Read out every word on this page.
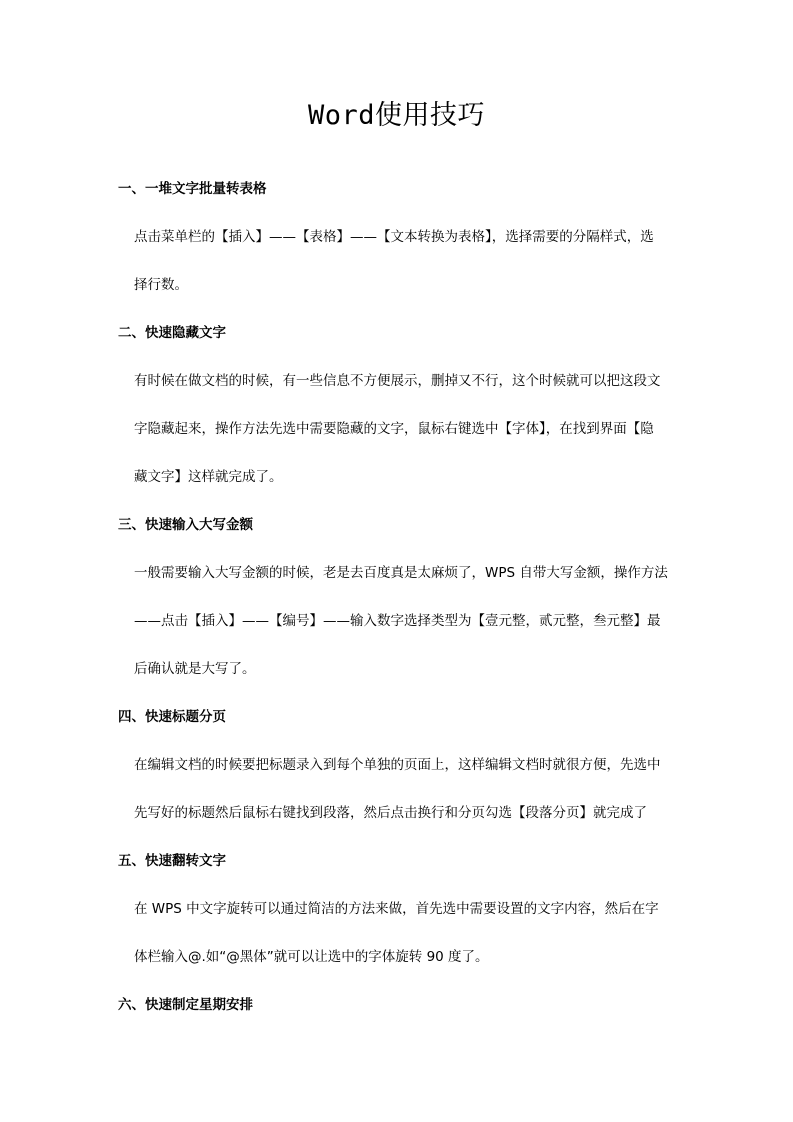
Word使用技巧
一、一堆文字批量转表格
点击菜单栏的【插入】——【表格】——【文本转换为表格】，选择需要的分隔样式，选
择行数。
二、快速隐藏文字
有时候在做文档的时候，有一些信息不方便展示，删掉又不行，这个时候就可以把这段文
字隐藏起来，操作方法先选中需要隐藏的文字，鼠标右键选中【字体】，在找到界面【隐
藏文字】这样就完成了。
三、快速输入大写金额
一般需要输入大写金额的时候，老是去百度真是太麻烦了，WPS 自带大写金额，操作方法
——点击【插入】——【编号】——输入数字选择类型为【壹元整，贰元整，叁元整】最
后确认就是大写了。
四、快速标题分页
在编辑文档的时候要把标题录入到每个单独的页面上，这样编辑文档时就很方便，先选中
先写好的标题然后鼠标右键找到段落，然后点击换行和分页勾选【段落分页】就完成了
五、快速翻转文字
在 WPS 中文字旋转可以通过简洁的方法来做，首先选中需要设置的文字内容，然后在字
体栏输入@.如“@黑体”就可以让选中的字体旋转 90 度了。
六、快速制定星期安排
